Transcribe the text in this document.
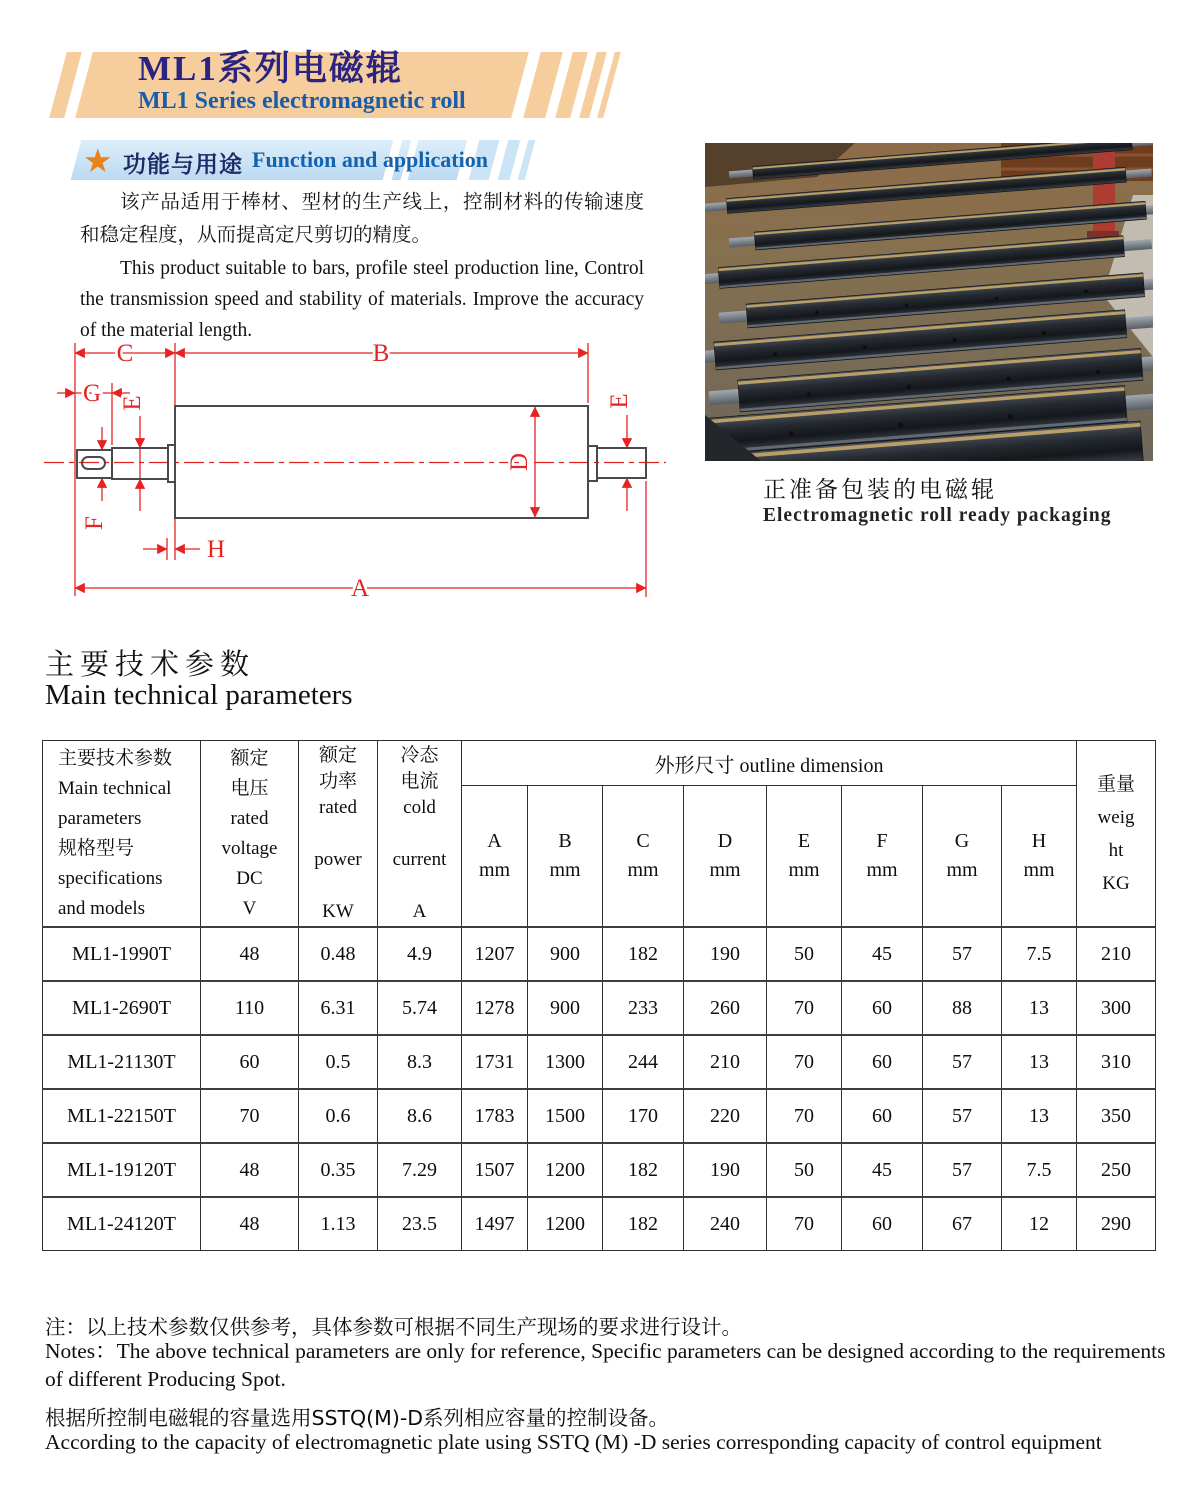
ML1系列电磁辊
ML1 Series electromagnetic roll
★ 功能与用途 Function and application
该产品适用于棒材、型材的生产线上，控制材料的传输速度和稳定程度，从而提高定尺剪切的精度。
This product suitable to bars, profile steel production line, Control the transmission speed and stability of materials. Improve the accuracy of the material length.
C	B
G E
F
H
D
E
A
正准备包装的电磁辊
Electromagnetic roll ready packaging
主要技术参数
Main technical parameters
主要技术参数
Main technical
parameters
规格型号
specifications
and models	额定
电压
rated
voltage
DC
V	额定
功率
rated

power

KW	冷态
电流
cold

current

A	外形尺寸 outline dimension	重量
weig
ht
KG
				A
mm	B
mm	C
mm	D
mm	E
mm	F
mm	G
mm	H
mm	
ML1-1990T	48	0.48	4.9	1207	900	182	190	50	45	57	7.5	210
ML1-2690T	110	6.31	5.74	1278	900	233	260	70	60	88	13	300
ML1-21130T	60	0.5	8.3	1731	1300	244	210	70	60	57	13	310
ML1-22150T	70	0.6	8.6	1783	1500	170	220	70	60	57	13	350
ML1-19120T	48	0.35	7.29	1507	1200	182	190	50	45	57	7.5	250
ML1-24120T	48	1.13	23.5	1497	1200	182	240	70	60	67	12	290
注：以上技术参数仅供参考，具体参数可根据不同生产现场的要求进行设计。
Notes：The above technical parameters are only for reference, Specific parameters can be designed according to the requirements of different Producing Spot.
根据所控制电磁辊的容量选用SSTQ(M)-D系列相应容量的控制设备。
According to the capacity of electromagnetic plate using SSTQ (M) -D series corresponding capacity of control equipment
